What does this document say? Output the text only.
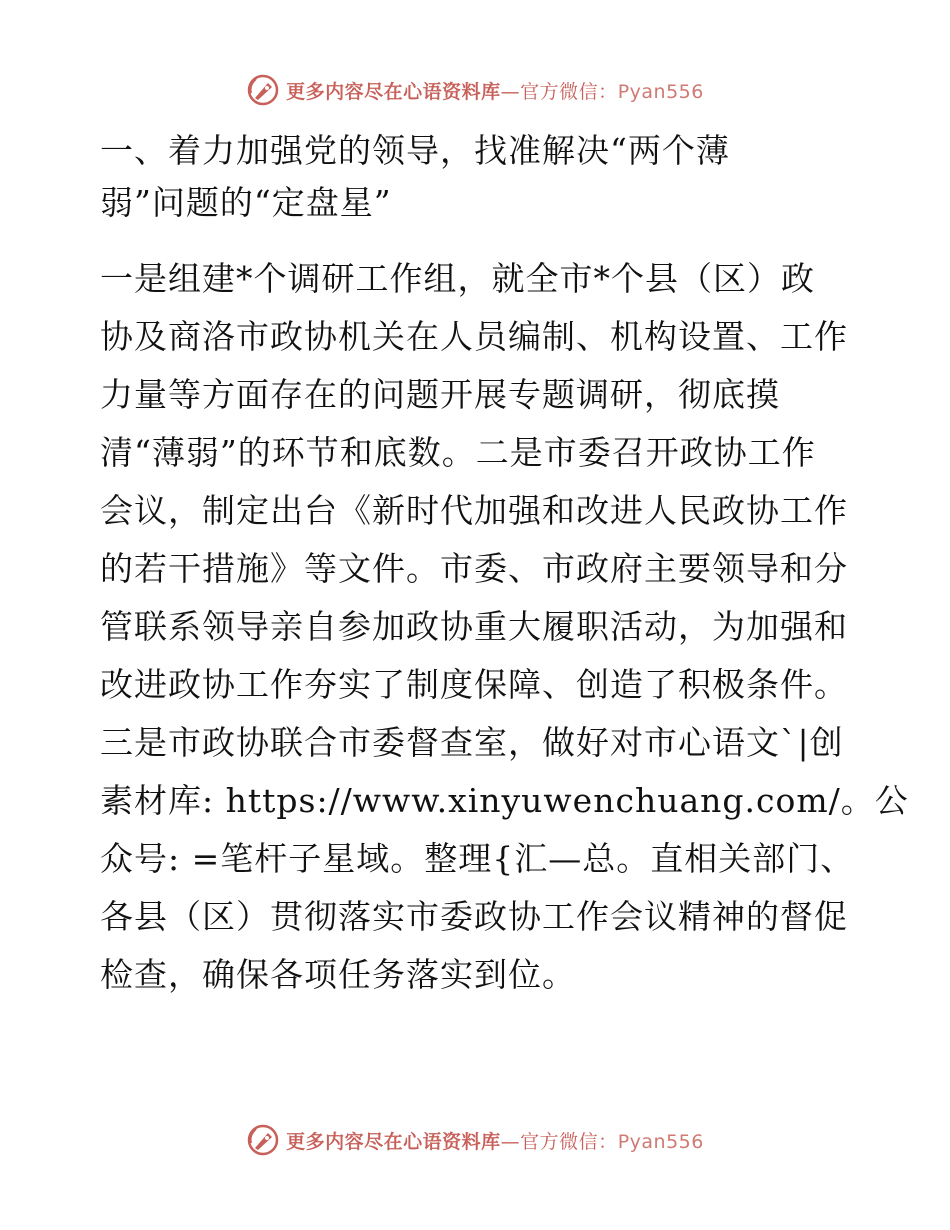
更多内容尽在心语资料库—官方微信：Pyan556
一、着力加强党的领导，找准解决“两个薄
弱”问题的“定盘星”
一是组建*个调研工作组，就全市*个县（区）政
协及商洛市政协机关在人员编制、机构设置、工作
力量等方面存在的问题开展专题调研，彻底摸
清“薄弱”的环节和底数。二是市委召开政协工作
会议，制定出台《新时代加强和改进人民政协工作
的若干措施》等文件。市委、市政府主要领导和分
管联系领导亲自参加政协重大履职活动，为加强和
改进政协工作夯实了制度保障、创造了积极条件。
三是市政协联合市委督查室，做好对市心语文`|创
素材库: https://www.xinyuwenchuang.com/。公
众号: =笔杆子星域。整理{汇—总。直相关部门、
各县（区）贯彻落实市委政协工作会议精神的督促
检查，确保各项任务落实到位。
更多内容尽在心语资料库—官方微信：Pyan556
